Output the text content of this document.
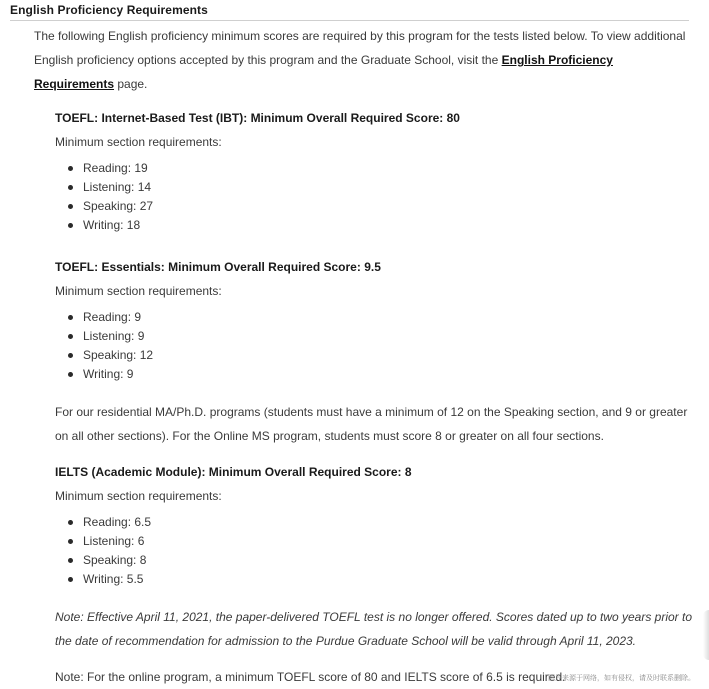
English Proficiency Requirements

The following English proficiency minimum scores are required by this program for the tests listed below. To view additional English proficiency options accepted by this program and the Graduate School, visit the English Proficiency Requirements page.

TOEFL: Internet-Based Test (IBT): Minimum Overall Required Score: 80

Minimum section requirements:

Reading: 19
Listening: 14
Speaking: 27
Writing: 18

TOEFL: Essentials: Minimum Overall Required Score: 9.5

Minimum section requirements:

Reading: 9
Listening: 9
Speaking: 12
Writing: 9

For our residential MA/Ph.D. programs (students must have a minimum of 12 on the Speaking section, and 9 or greater on all other sections). For the Online MS program, students must score 8 or greater on all four sections.

IELTS (Academic Module): Minimum Overall Required Score: 8

Minimum section requirements:

Reading: 6.5
Listening: 6
Speaking: 8
Writing: 5.5

Note: Effective April 11, 2021, the paper-delivered TOEFL test is no longer offered. Scores dated up to two years prior to the date of recommendation for admission to the Purdue Graduate School will be valid through April 11, 2023.

Note: For the online program, a minimum TOEFL score of 80 and IELTS score of 6.5 is required.

图片来源于网络，如有侵权，请及时联系删除。
